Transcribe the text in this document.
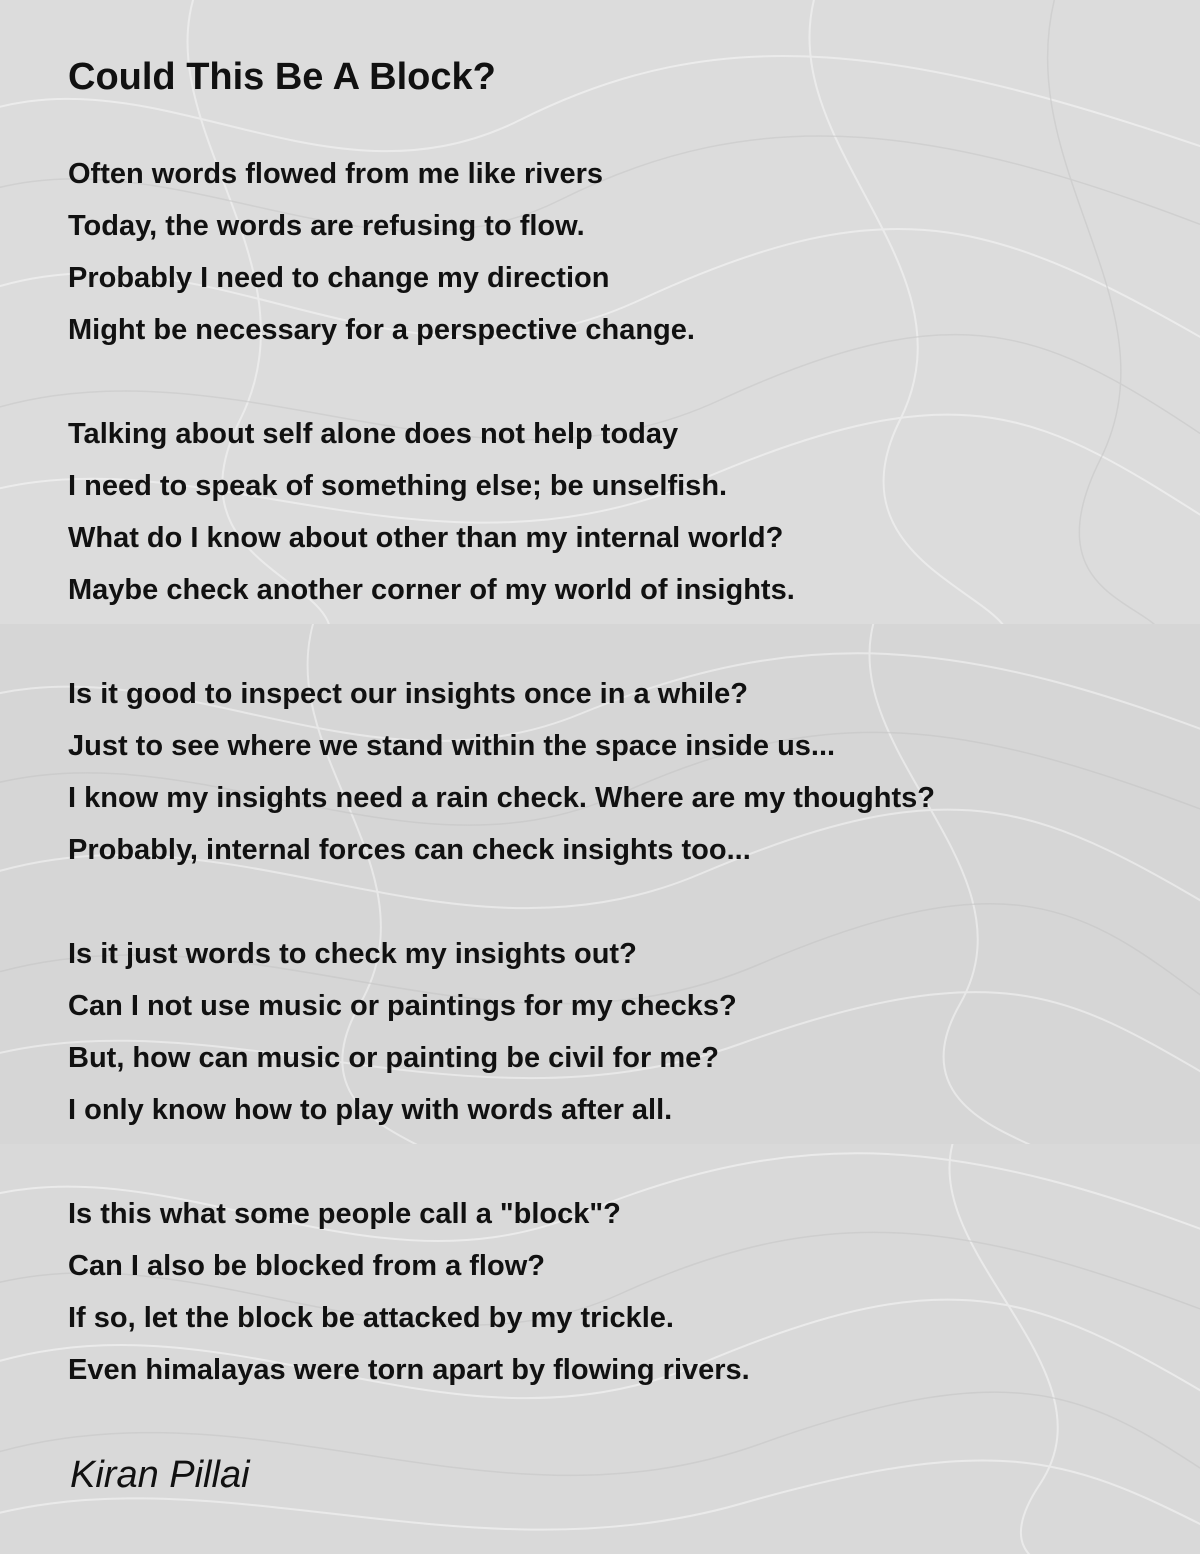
Could This Be A Block?
Often words flowed from me like rivers
Today, the words are refusing to flow.
Probably I need to change my direction
Might be necessary for a perspective change.
Talking about self alone does not help today
I need to speak of something else; be unselfish.
What do I know about other than my internal world?
Maybe check another corner of my world of insights.
Is it good to inspect our insights once in a while?
Just to see where we stand within the space inside us...
I know my insights need a rain check. Where are my thoughts?
Probably, internal forces can check insights too...
Is it just words to check my insights out?
Can I not use music or paintings for my checks?
But, how can music or painting be civil for me?
I only know how to play with words after all.
Is this what some people call a "block"?
Can I also be blocked from a flow?
If so, let the block be attacked by my trickle.
Even himalayas were torn apart by flowing rivers.
Kiran Pillai
